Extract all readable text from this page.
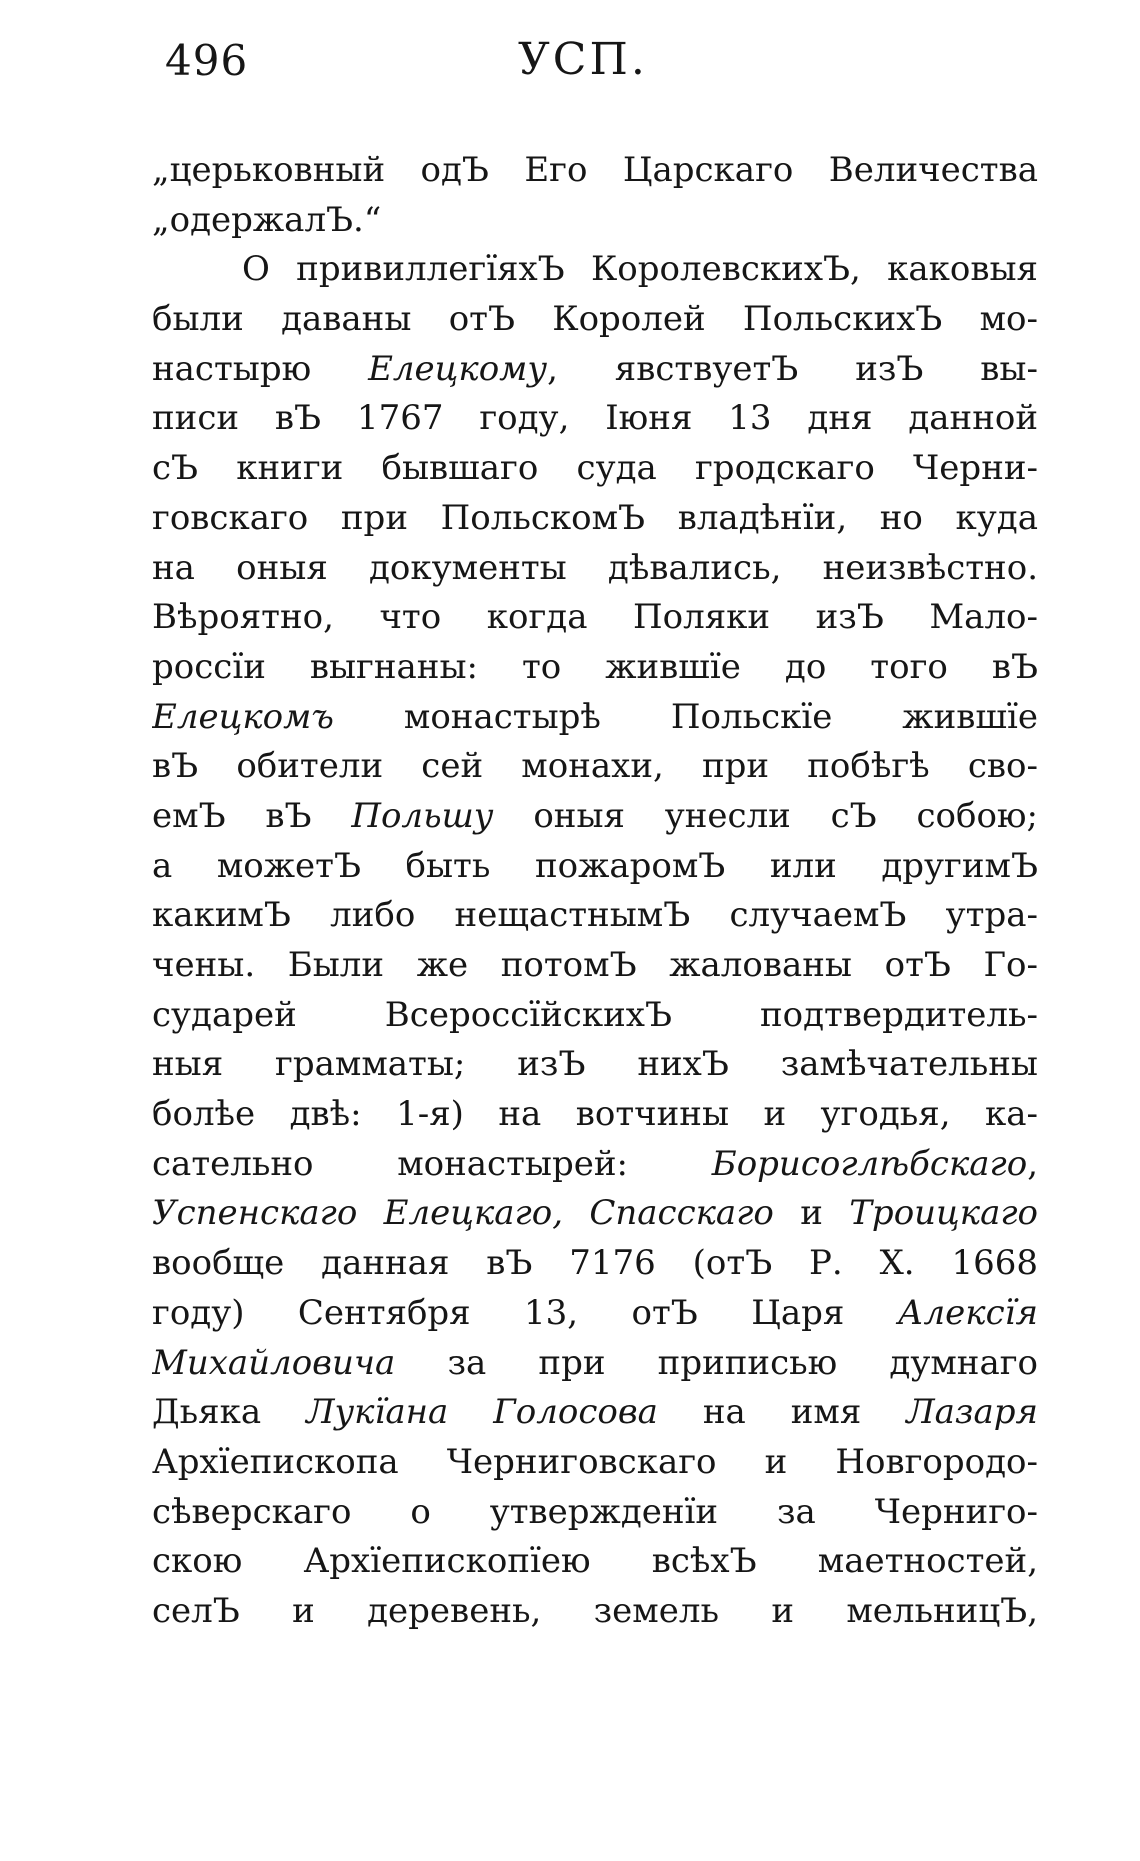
496	УСП.
„церьковный одЪ Его Царскаго Величества
„одержалЪ.“
О привиллегїяхЪ КоролевскихЪ, каковыя
были даваны отЪ Королей ПольскихЪ мо-
настырю Елецкому, явствуетЪ изЪ вы-
писи вЪ 1767 году, Iюня 13 дня данной
сЪ книги бывшаго суда гродскаго Черни-
говскаго при ПольскомЪ владѣнїи, но куда
на оныя документы дѣвались, неизвѣстно.
Вѣроятно, что когда Поляки изЪ Мало-
россїи выгнаны: то жившїе до того вЪ
Елецкомъ монастырѣ Польскїе жившїе
вЪ обители сей монахи, при побѣгѣ сво-
емЪ вЪ Польшу оныя унесли сЪ собою;
а можетЪ быть пожаромЪ или другимЪ
какимЪ либо нещастнымЪ случаемЪ утра-
чены. Были же потомЪ жалованы отЪ Го-
сударей ВсероссїйскихЪ подтвердитель-
ныя грамматы; изЪ нихЪ замѣчательны
болѣе двѣ: 1-я) на вотчины и угодья, ка-
сательно монастырей: Борисоглѣбскаго,
Успенскаго Елецкаго, Спасскаго и Троицкаго
вообще данная вЪ 7176 (отЪ Р. Х. 1668
году) Сентября 13, отЪ Царя Алексїя
Михайловича за при приписью думнаго
Дьяка Лукїана Голосова на имя Лазаря
Архїепископа Черниговскаго и Новгородо-
сѣверскаго о утвержденїи за Черниго-
скою Архїепископїею всѣхЪ маетностей,
селЪ и деревень, земель и мельницЪ,
